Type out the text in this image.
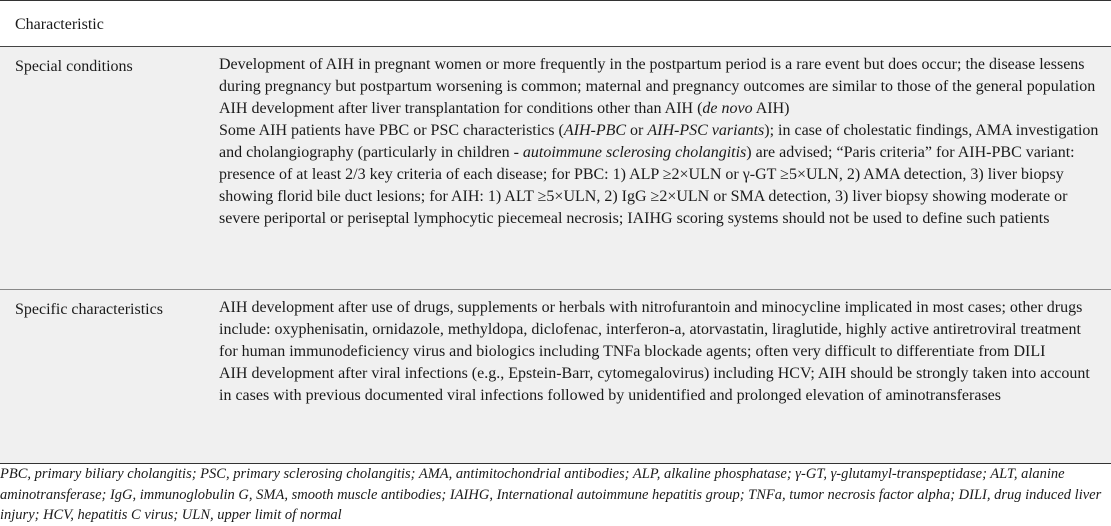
Characteristic
Special conditions	Development of AIH in pregnant women or more frequently in the postpartum period is a rare event but does occur; the disease lessens during pregnancy but postpartum worsening is common; maternal and pregnancy outcomes are similar to those of the general population
AIH development after liver transplantation for conditions other than AIH (de novo AIH)
Some AIH patients have PBC or PSC characteristics (AIH-PBC or AIH-PSC variants); in case of cholestatic findings, AMA investigation and cholangiography (particularly in children - autoimmune sclerosing cholangitis) are advised; “Paris criteria” for AIH-PBC variant: presence of at least 2/3 key criteria of each disease; for PBC: 1) ALP ≥2×ULN or γ-GT ≥5×ULN, 2) AMA detection, 3) liver biopsy showing florid bile duct lesions; for AIH: 1) ALT ≥5×ULN, 2) IgG ≥2×ULN or SMA detection, 3) liver biopsy showing moderate or severe periportal or periseptal lymphocytic piecemeal necrosis; IAIHG scoring systems should not be used to define such patients
Specific characteristics	AIH development after use of drugs, supplements or herbals with nitrofurantoin and minocycline implicated in most cases; other drugs include: oxyphenisatin, ornidazole, methyldopa, diclofenac, interferon-a, atorvastatin, liraglutide, highly active antiretroviral treatment for human immunodeficiency virus and biologics including TNFa blockade agents; often very difficult to differentiate from DILI
AIH development after viral infections (e.g., Epstein-Barr, cytomegalovirus) including HCV; AIH should be strongly taken into account in cases with previous documented viral infections followed by unidentified and prolonged elevation of aminotransferases
PBC, primary biliary cholangitis; PSC, primary sclerosing cholangitis; AMA, antimitochondrial antibodies; ALP, alkaline phosphatase; γ-GT, γ-glutamyl-transpeptidase; ALT, alanine aminotransferase; IgG, immunoglobulin G, SMA, smooth muscle antibodies; IAIHG, International autoimmune hepatitis group; TNFa, tumor necrosis factor alpha; DILI, drug induced liver injury; HCV, hepatitis C virus; ULN, upper limit of normal
